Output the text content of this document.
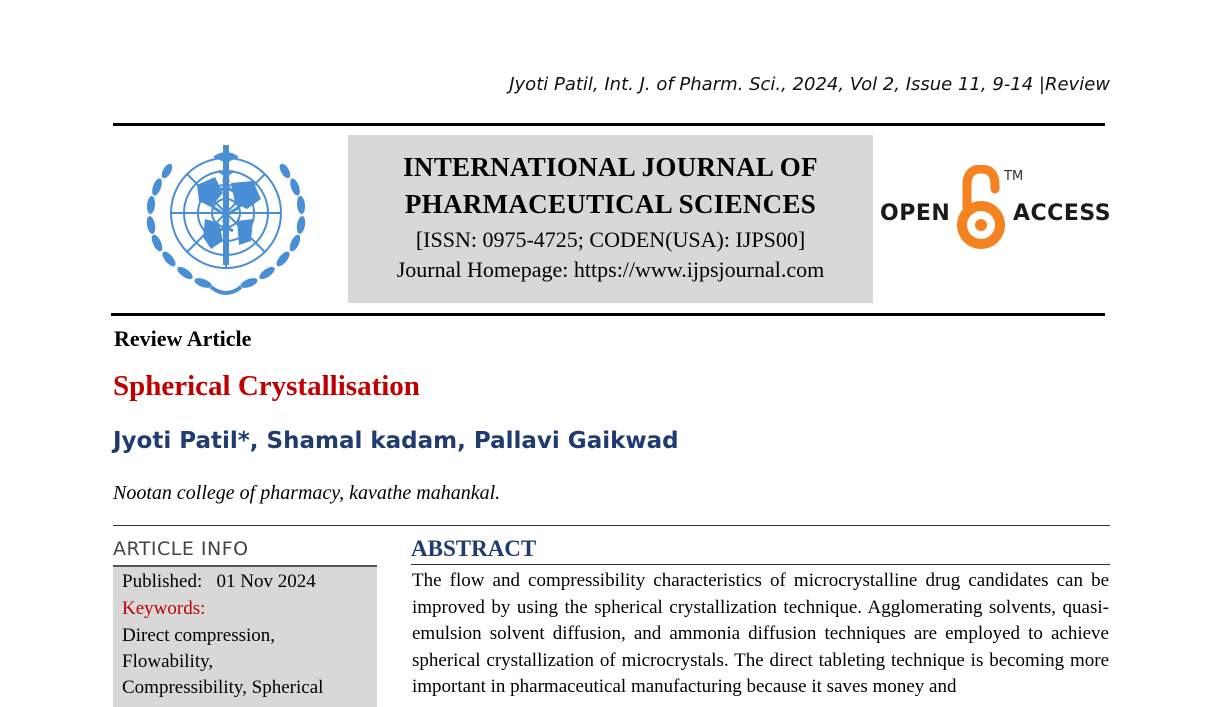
Jyoti Patil, Int. J. of Pharm. Sci., 2024, Vol 2, Issue 11, 9-14 |Review
INTERNATIONAL JOURNAL OF
PHARMACEUTICAL SCIENCES
[ISSN: 0975-4725; CODEN(USA): IJPS00]
Journal Homepage: https://www.ijpsjournal.com
OPEN
TM
ACCESS
Review Article
Spherical Crystallisation
Jyoti Patil*, Shamal kadam, Pallavi Gaikwad
Nootan college of pharmacy, kavathe mahankal.
ARTICLE INFO
Published:   01 Nov 2024
Keywords:
Direct compression,
Flowability,
Compressibility, Spherical
ABSTRACT
The flow and compressibility characteristics of microcrystalline drug candidates can be improved by using the spherical crystallization technique. Agglomerating solvents, quasi-emulsion solvent diffusion, and ammonia diffusion techniques are employed to achieve spherical crystallization of microcrystals. The direct tableting technique is becoming more important in pharmaceutical manufacturing because it saves money and
